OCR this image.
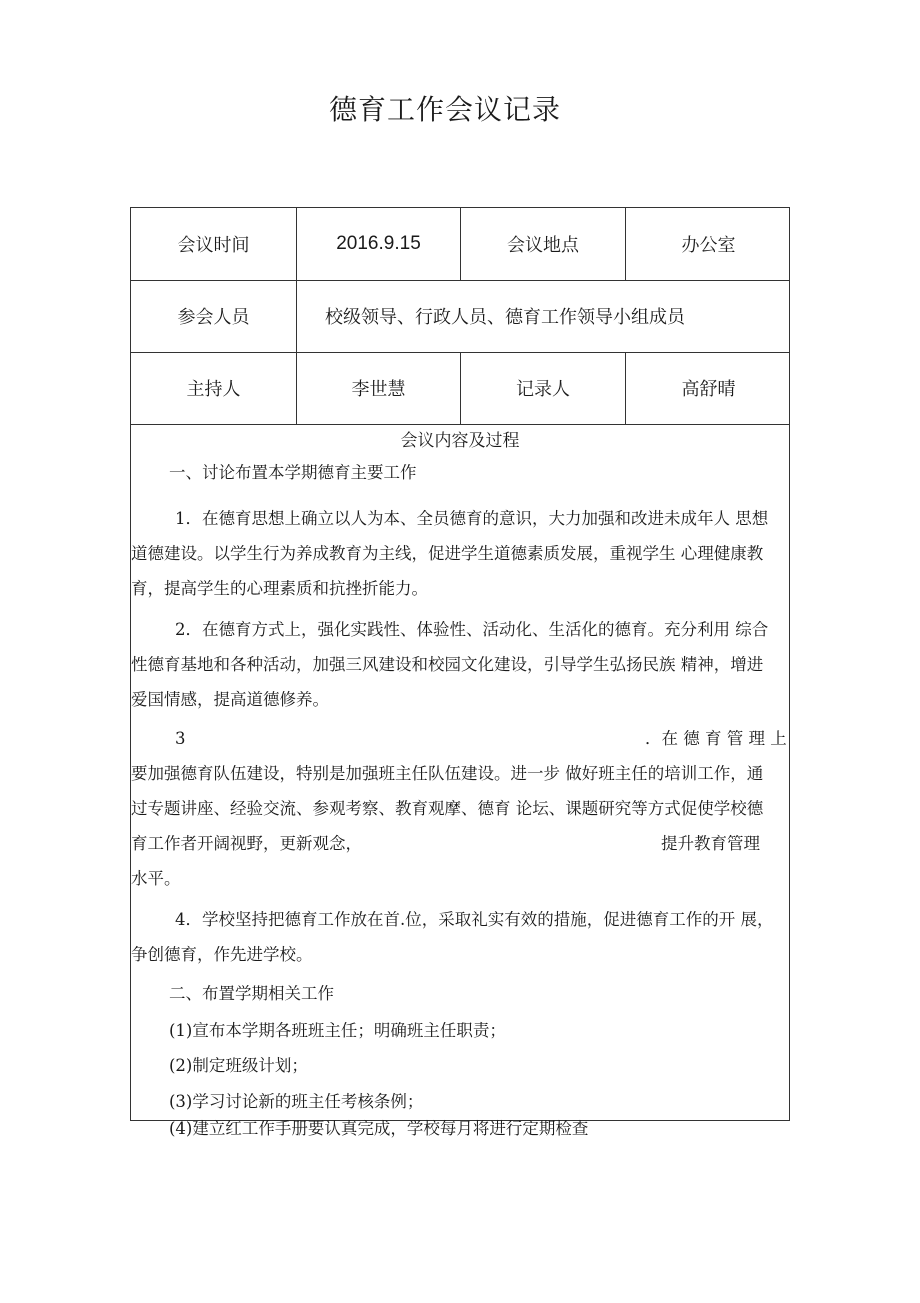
德育工作会议记录
会议时间	2016.9.15	会议地点	办公室
参会人员	校级领导、行政人员、德育工作领导小组成员
主持人	李世慧	记录人	高舒晴
会议内容及过程
一、讨论布置本学期德育主要工作
1．在德育思想上确立以人为本、全员德育的意识，大力加强和改进未成年人 思想
道德建设。以学生行为养成教育为主线，促进学生道德素质发展，重视学生 心理健康教
育，提高学生的心理素质和抗挫折能力。
2．在德育方式上，强化实践性、体验性、活动化、生活化的德育。充分利用 综合
性德育基地和各种活动，加强三风建设和校园文化建设，引导学生弘扬民族 精神，增进
爱国情感，提高道德修养。
3	．在 德 育 管 理 上
要加强德育队伍建设，特别是加强班主任队伍建设。进一步 做好班主任的培训工作，通
过专题讲座、经验交流、参观考察、教育观摩、德育 论坛、课题研究等方式促使学校德
育工作者开阔视野，更新观念，	提升教育管理
水平。
4．学校坚持把德育工作放在首.位，采取礼实有效的措施，促进德育工作的开 展，
争创德育，作先进学校。
二、布置学期相关工作
(1)宣布本学期各班班主任；明确班主任职责；
(2)制定班级计划；
(3)学习讨论新的班主任考核条例；
(4)建立红工作手册要认真完成，学校每月将进行定期检查
